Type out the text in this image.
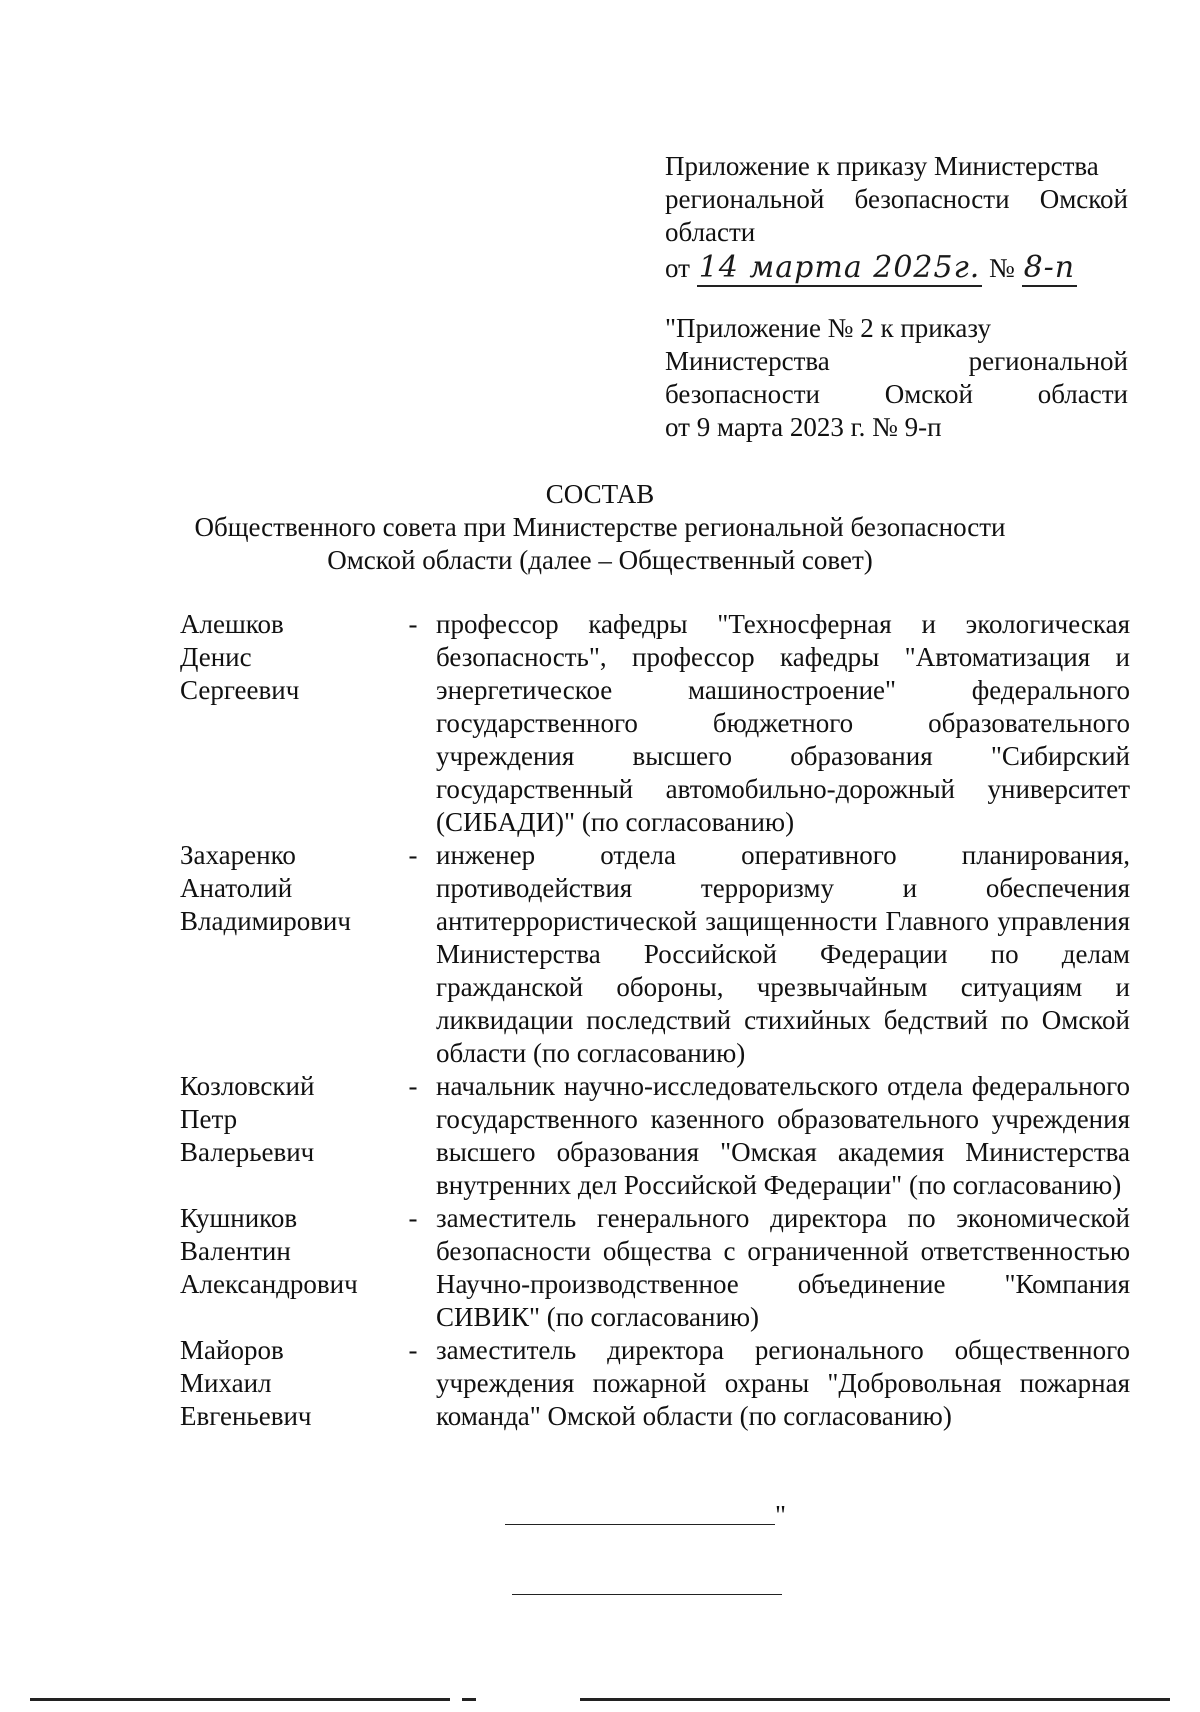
Приложение к приказу Министерства
региональной безопасности Омской
области
от 14 марта 2025г. № 8-п
"Приложение № 2 к приказу
Министерства региональной
безопасности Омской области
от 9 марта 2023 г. № 9-п
СОСТАВ
Общественного совета при Министерстве региональной безопасности
Омской области (далее – Общественный совет)
Алешков
Денис
Сергеевич
- профессор кафедры "Техносферная и экологическая безопасность", профессор кафедры "Автоматизация и энергетическое машиностроение" федерального государственного бюджетного образовательного учреждения высшего образования "Сибирский государственный автомобильно-дорожный университет (СИБАДИ)" (по согласованию)
Захаренко
Анатолий
Владимирович
- инженер отдела оперативного планирования, противодействия терроризму и обеспечения антитеррористической защищенности Главного управления Министерства Российской Федерации по делам гражданской обороны, чрезвычайным ситуациям и ликвидации последствий стихийных бедствий по Омской области (по согласованию)
Козловский
Петр
Валерьевич
- начальник научно-исследовательского отдела федерального государственного казенного образовательного учреждения высшего образования "Омская академия Министерства внутренних дел Российской Федерации" (по согласованию)
Кушников
Валентин
Александрович
- заместитель генерального директора по экономической безопасности общества с ограниченной ответственностью Научно-производственное объединение "Компания СИВИК" (по согласованию)
Майоров
Михаил
Евгеньевич
- заместитель директора регионального общественного учреждения пожарной охраны "Добровольная пожарная команда" Омской области (по согласованию)
"
